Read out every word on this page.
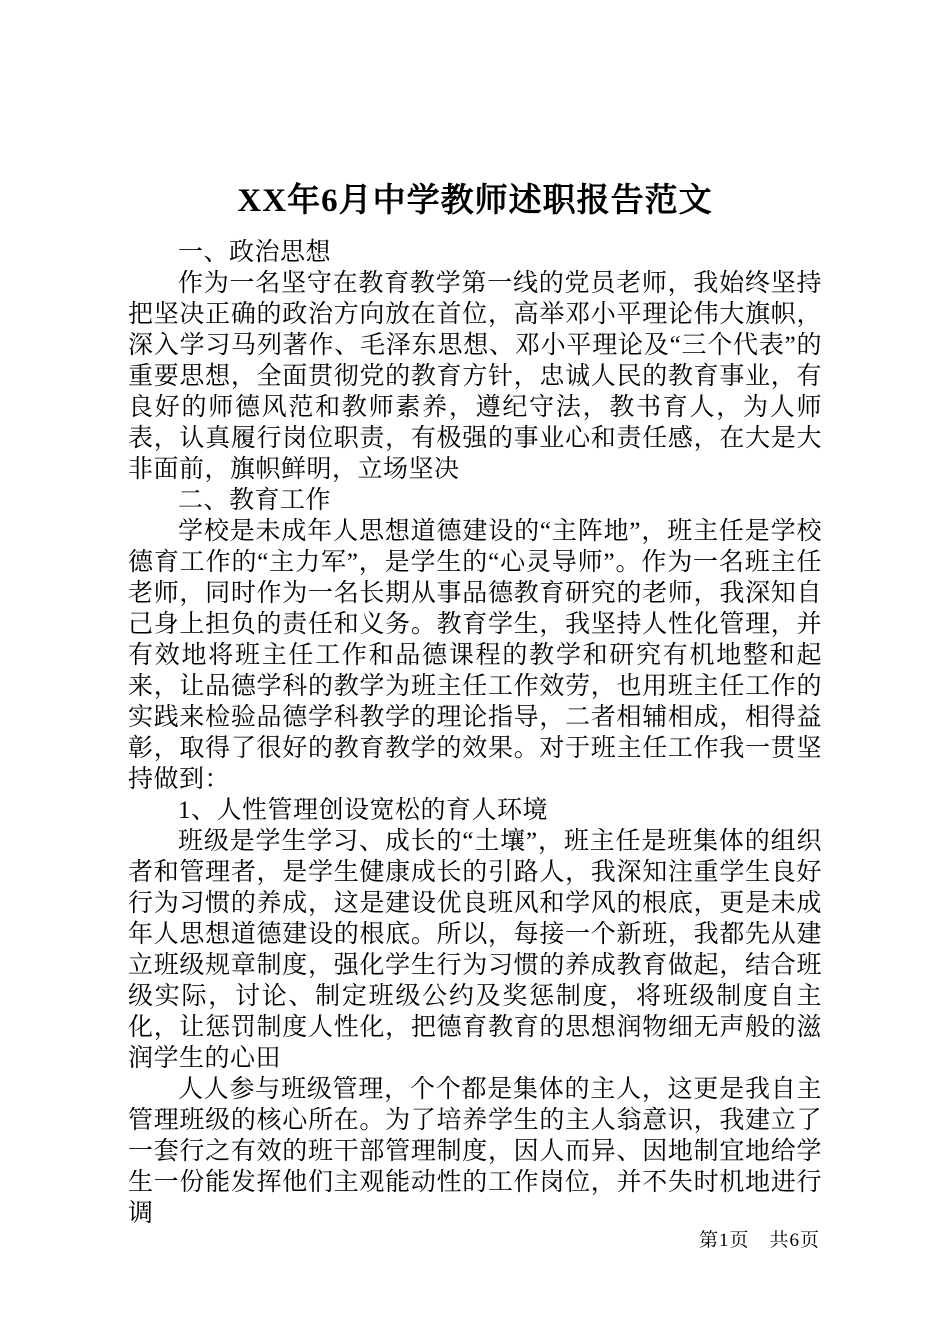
XX年6月中学教师述职报告范文

一、政治思想

作为一名坚守在教育教学第一线的党员老师，我始终坚持把坚决正确的政治方向放在首位，高举邓小平理论伟大旗帜，深入学习马列著作、毛泽东思想、邓小平理论及“三个代表”的重要思想，全面贯彻党的教育方针，忠诚人民的教育事业，有良好的师德风范和教师素养，遵纪守法，教书育人，为人师表，认真履行岗位职责，有极强的事业心和责任感，在大是大非面前，旗帜鲜明，立场坚决

二、教育工作

学校是未成年人思想道德建设的“主阵地”，班主任是学校德育工作的“主力军”，是学生的“心灵导师”。作为一名班主任老师，同时作为一名长期从事品德教育研究的老师，我深知自己身上担负的责任和义务。教育学生，我坚持人性化管理，并有效地将班主任工作和品德课程的教学和研究有机地整和起来，让品德学科的教学为班主任工作效劳，也用班主任工作的实践来检验品德学科教学的理论指导，二者相辅相成，相得益彰，取得了很好的教育教学的效果。对于班主任工作我一贯坚持做到：

1、人性管理创设宽松的育人环境

班级是学生学习、成长的“土壤”，班主任是班集体的组织者和管理者，是学生健康成长的引路人，我深知注重学生良好行为习惯的养成，这是建设优良班风和学风的根底，更是未成年人思想道德建设的根底。所以，每接一个新班，我都先从建立班级规章制度，强化学生行为习惯的养成教育做起，结合班级实际，讨论、制定班级公约及奖惩制度，将班级制度自主化，让惩罚制度人性化，把德育教育的思想润物细无声般的滋润学生的心田

人人参与班级管理，个个都是集体的主人，这更是我自主管理班级的核心所在。为了培养学生的主人翁意识，我建立了一套行之有效的班干部管理制度，因人而异、因地制宜地给学生一份能发挥他们主观能动性的工作岗位，并不失时机地进行调

第1页　共6页
